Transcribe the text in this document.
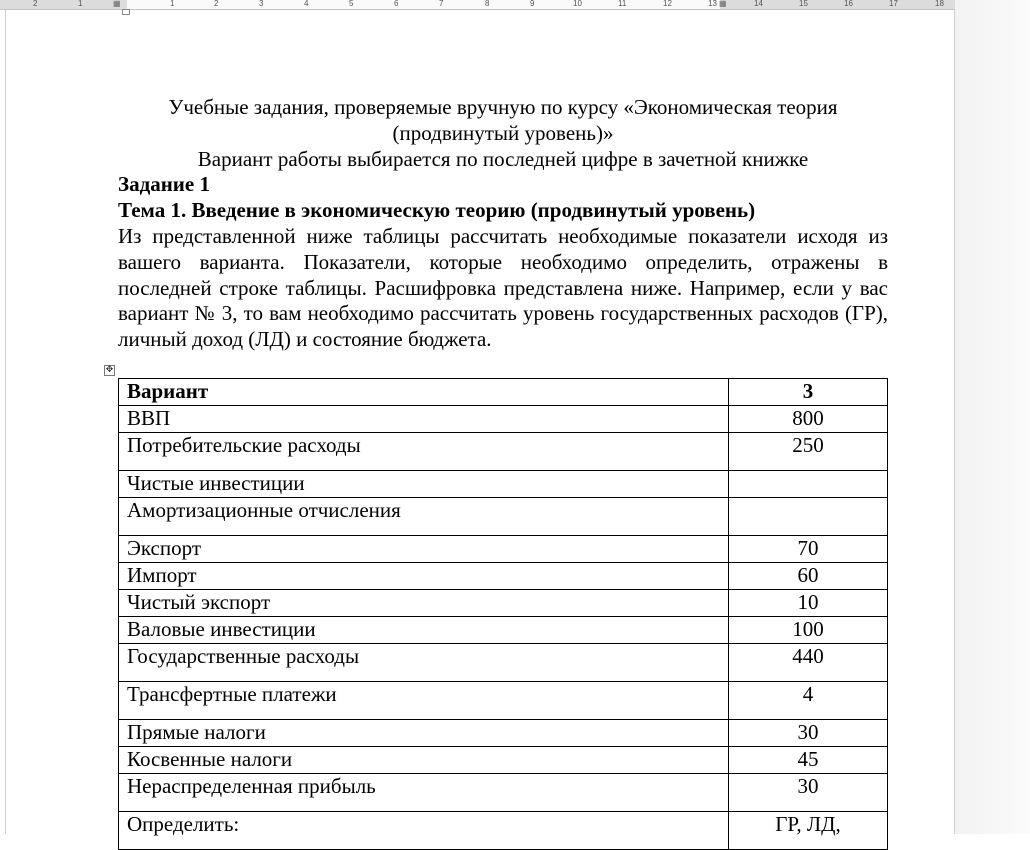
2	1	▦	1	2	3	4	5	6	7	8	9	10	11	12	13 ▦	14	15	16	17	18
Учебные задания, проверяемые вручную по курсу «Экономическая теория
(продвинутый уровень)»
Вариант работы выбирается по последней цифре в зачетной книжке
Задание 1
Тема 1. Введение в экономическую теорию (продвинутый уровень)
Из представленной ниже таблицы рассчитать необходимые показатели исходя из вашего варианта. Показатели, которые необходимо определить, отражены в последней строке таблицы. Расшифровка представлена ниже. Например, если у вас вариант № 3, то вам необходимо рассчитать уровень государственных расходов (ГР), личный доход (ЛД) и состояние бюджета.
✥
Вариант	3
ВВП	800
Потребительские расходы	250
Чистые инвестиции	
Амортизационные отчисления	
Экспорт	70
Импорт	60
Чистый экспорт	10
Валовые инвестиции	100
Государственные расходы	440
Трансфертные платежи	4
Прямые налоги	30
Косвенные налоги	45
Нераспределенная прибыль	30
Определить:	ГР, ЛД,
